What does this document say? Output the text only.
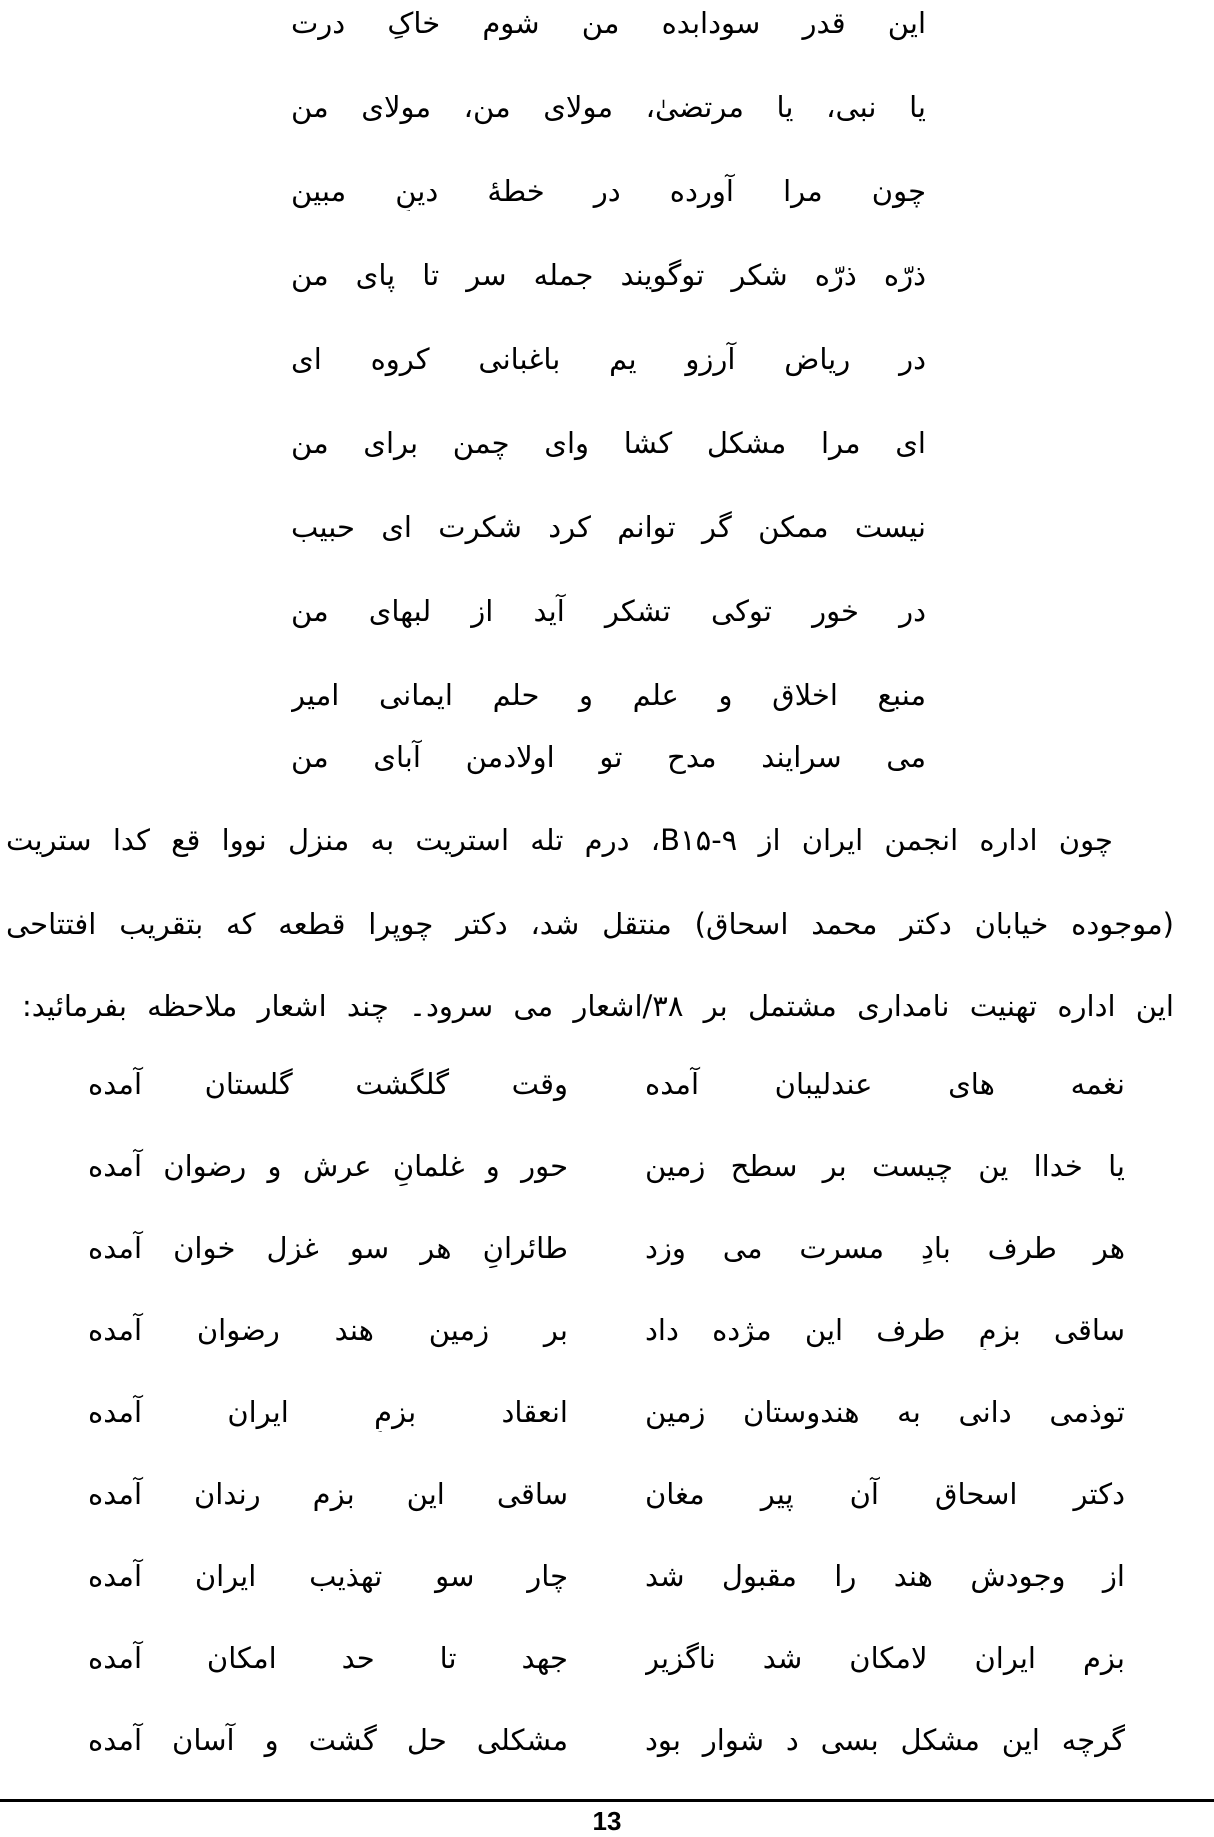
این قدر سودابده من شوم خاکِ درت
یا نبی، یا مرتضیٰ، مولای من، مولای من
چون مرا آورده در خطهٔ دینِ مبین
ذرّه ذرّه شکر توگویند جمله سر تا پای من
در ریاضِ آرزو یم باغبانی کروه ای
ای مرا مشکل کشا وای چمن برای من
نیست ممکن گر توانم کرد شکرت ای حبیب
در خور توکی تشکر آید از لبهای من
منبع اخلاق و علم و حلم ایمانی امیر
می سرایند مدح تو اولادمن آبای من
چون اداره انجمن ایران از B۱۵-۹، درم تله استریت به منزل نووا قع کدا ستریت
(موجوده خیابان دکتر محمد اسحاق) منتقل شد، دکتر چوپرا قطعه که بتقریب افتتاحی
این اداره تهنیت نامداری مشتمل بر ۳۸/اشعار می سرود۔ چند اشعار ملاحظه بفرمائید:
نغمه های عندلیبان آمده
وقت گلگشت گلستان آمده
یا خداا ین چیست بر سطح زمین
حور و غلمانِ عرش و رضوان آمده
هر طرف بادِ مسرت می وزد
طائرانِ هر سو غزل خوان آمده
ساقی بزمِ طرف این مژده داد
بر زمین هند رضوان آمده
توذمی دانی به هندوستان زمین
انعقاد بزمِ ایران آمده
دکتر اسحاق آن پیر مغان
ساقی این بزم رندان آمده
از وجودش هند را مقبول شد
چار سو تهذیب ایران آمده
بزم ایران لامکان شد ناگزیر
جهد تا حد امکان آمده
گرچه این مشکل بسی د شوار بود
مشکلی حل گشت و آسان آمده
13
